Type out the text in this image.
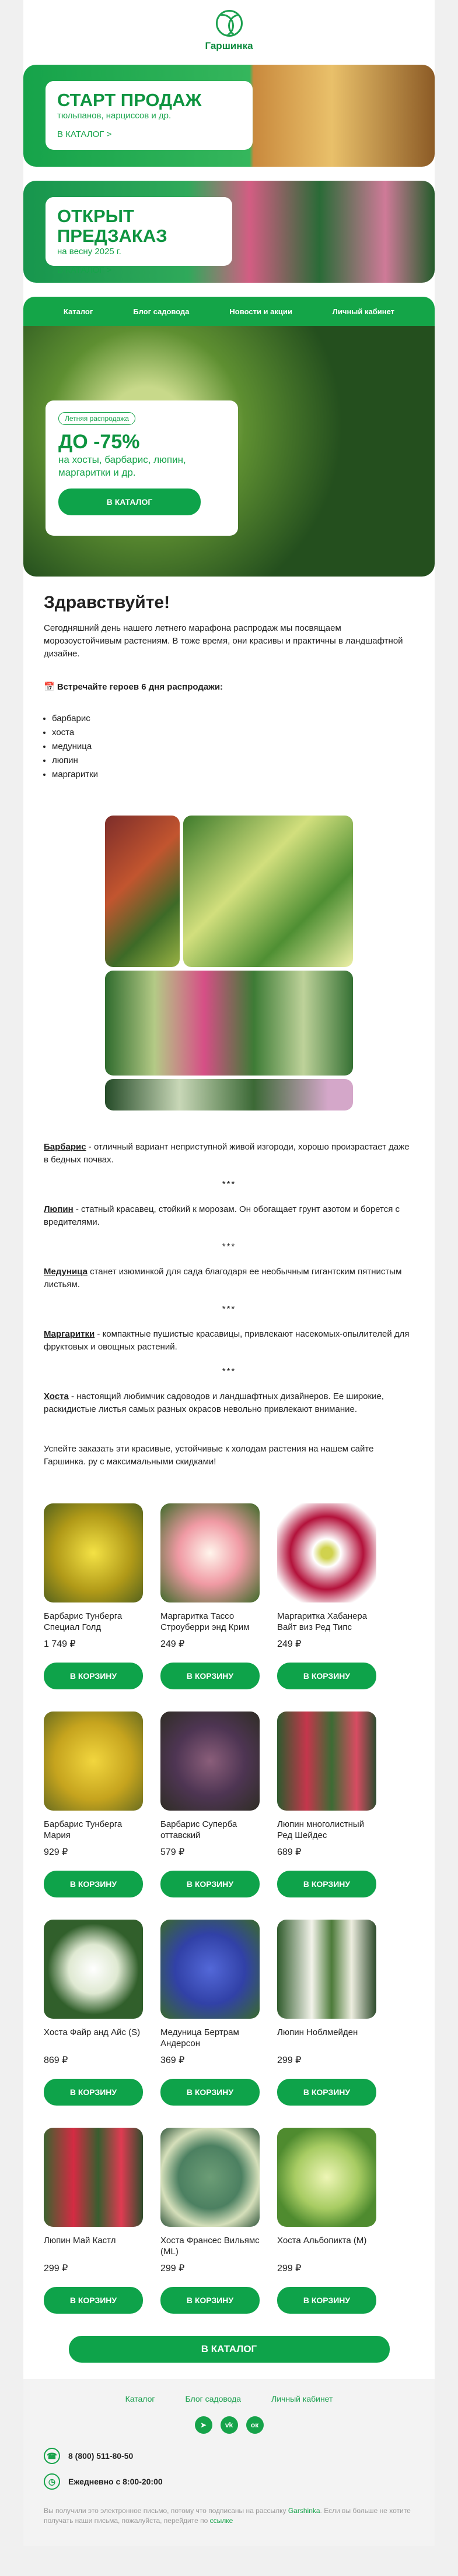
Гаршинка
СТАРТ ПРОДАЖ
тюльпанов, нарциссов и др.
В КАТАЛОГ >
ОТКРЫТ ПРЕДЗАКАЗ
на весну 2025 г.
В КАТАЛОГ >
Каталог	Блог садовода	Новости и акции	Личный кабинет
Летняя распродажа
ДО -75%
на хосты, барбарис, люпин, маргаритки и др.
В КАТАЛОГ
Здравствуйте!

Сегодняшний день нашего летнего марафона распродаж мы посвящаем морозоустойчивым растениям. В тоже время, они красивы и практичны в ландшафтной дизайне.

📅 Встречайте героев 6 дня распродажи:
• барбарис
• хоста
• медуница
• люпин
• маргаритки

Барбарис - отличный вариант неприступной живой изгороди, хорошо произрастает даже в бедных почвах.

***

Люпин - статный красавец, стойкий к морозам. Он обогащает грунт азотом и борется с вредителями.

***

Медуница станет изюминкой для сада благодаря ее необычным гигантским пятнистым листьям.

***

Маргаритки - компактные пушистые красавицы, привлекают насекомых-опылителей для фруктовых и овощных растений.

***

Хоста - настоящий любимчик садоводов и ландшафтных дизайнеров. Ее широкие, раскидистые листья самых разных окрасов невольно привлекают внимание.

Успейте заказать эти красивые, устойчивые к холодам растения на нашем сайте Гаршинка. ру с максимальными скидками!

Барбарис Тунберга Специал Голд
1 749 ₽
В КОРЗИНУ
Маргаритка Тассо Строуберри энд Крим
249 ₽
В КОРЗИНУ
Маргаритка Хабанера Вайт виз Ред Типс
249 ₽
В КОРЗИНУ
Барбарис Тунберга Мария
929 ₽
В КОРЗИНУ
Барбарис Суперба оттавский
579 ₽
В КОРЗИНУ
Люпин многолистный Ред Шейдес
689 ₽
В КОРЗИНУ
Хоста Файр анд Айс (S)
869 ₽
В КОРЗИНУ
Медуница Бертрам Андерсон
369 ₽
В КОРЗИНУ
Люпин Ноблмейден
299 ₽
В КОРЗИНУ
Люпин Май Кастл
299 ₽
В КОРЗИНУ
Хоста Франсес Вильямс (ML)
299 ₽
В КОРЗИНУ
Хоста Альбопикта (M)
299 ₽
В КОРЗИНУ
В КАТАЛОГ
Каталог	Блог садовода	Личный кабинет
➤	vk	ок
☎	8 (800) 511-80-50
◷	Ежедневно с 8:00-20:00

Вы получили это электронное письмо, потому что подписаны на рассылку Garshinka. Если вы больше не хотите получать наши письма, пожалуйста, перейдите по ссылке
